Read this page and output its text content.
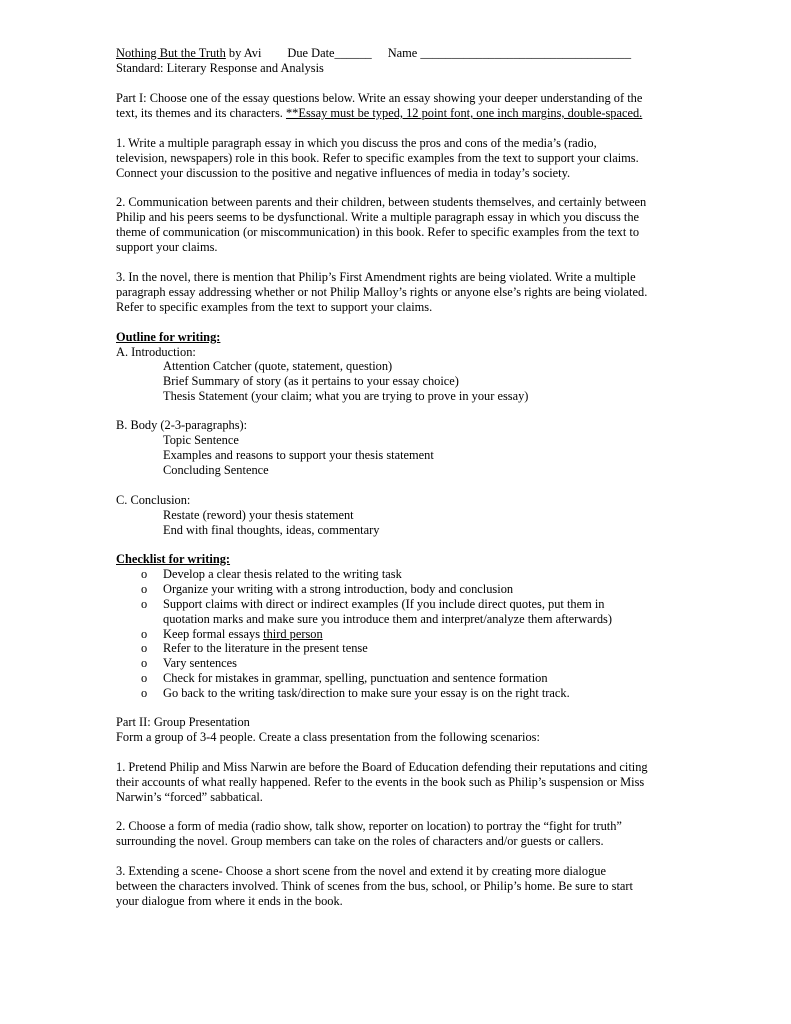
Nothing But the Truth by Avi Due Date______ Name __________________________________
Standard: Literary Response and Analysis
Part I: Choose one of the essay questions below. Write an essay showing your deeper understanding of the
text, its themes and its characters. **Essay must be typed, 12 point font, one inch margins, double-spaced.
1. Write a multiple paragraph essay in which you discuss the pros and cons of the media’s (radio,
television, newspapers) role in this book. Refer to specific examples from the text to support your claims.
Connect your discussion to the positive and negative influences of media in today’s society.
2. Communication between parents and their children, between students themselves, and certainly between
Philip and his peers seems to be dysfunctional. Write a multiple paragraph essay in which you discuss the
theme of communication (or miscommunication) in this book. Refer to specific examples from the text to
support your claims.
3. In the novel, there is mention that Philip’s First Amendment rights are being violated. Write a multiple
paragraph essay addressing whether or not Philip Malloy’s rights or anyone else’s rights are being violated.
Refer to specific examples from the text to support your claims.
Outline for writing:
A. Introduction:
Attention Catcher (quote, statement, question)
Brief Summary of story (as it pertains to your essay choice)
Thesis Statement (your claim; what you are trying to prove in your essay)
B. Body (2-3-paragraphs):
Topic Sentence
Examples and reasons to support your thesis statement
Concluding Sentence
C. Conclusion:
Restate (reword) your thesis statement
End with final thoughts, ideas, commentary
Checklist for writing:
o Develop a clear thesis related to the writing task
o Organize your writing with a strong introduction, body and conclusion
o Support claims with direct or indirect examples (If you include direct quotes, put them in
quotation marks and make sure you introduce them and interpret/analyze them afterwards)
o Keep formal essays third person
o Refer to the literature in the present tense
o Vary sentences
o Check for mistakes in grammar, spelling, punctuation and sentence formation
o Go back to the writing task/direction to make sure your essay is on the right track.
Part II: Group Presentation
Form a group of 3-4 people. Create a class presentation from the following scenarios:
1. Pretend Philip and Miss Narwin are before the Board of Education defending their reputations and citing
their accounts of what really happened. Refer to the events in the book such as Philip’s suspension or Miss
Narwin’s “forced” sabbatical.
2. Choose a form of media (radio show, talk show, reporter on location) to portray the “fight for truth”
surrounding the novel. Group members can take on the roles of characters and/or guests or callers.
3. Extending a scene- Choose a short scene from the novel and extend it by creating more dialogue
between the characters involved. Think of scenes from the bus, school, or Philip’s home. Be sure to start
your dialogue from where it ends in the book.
